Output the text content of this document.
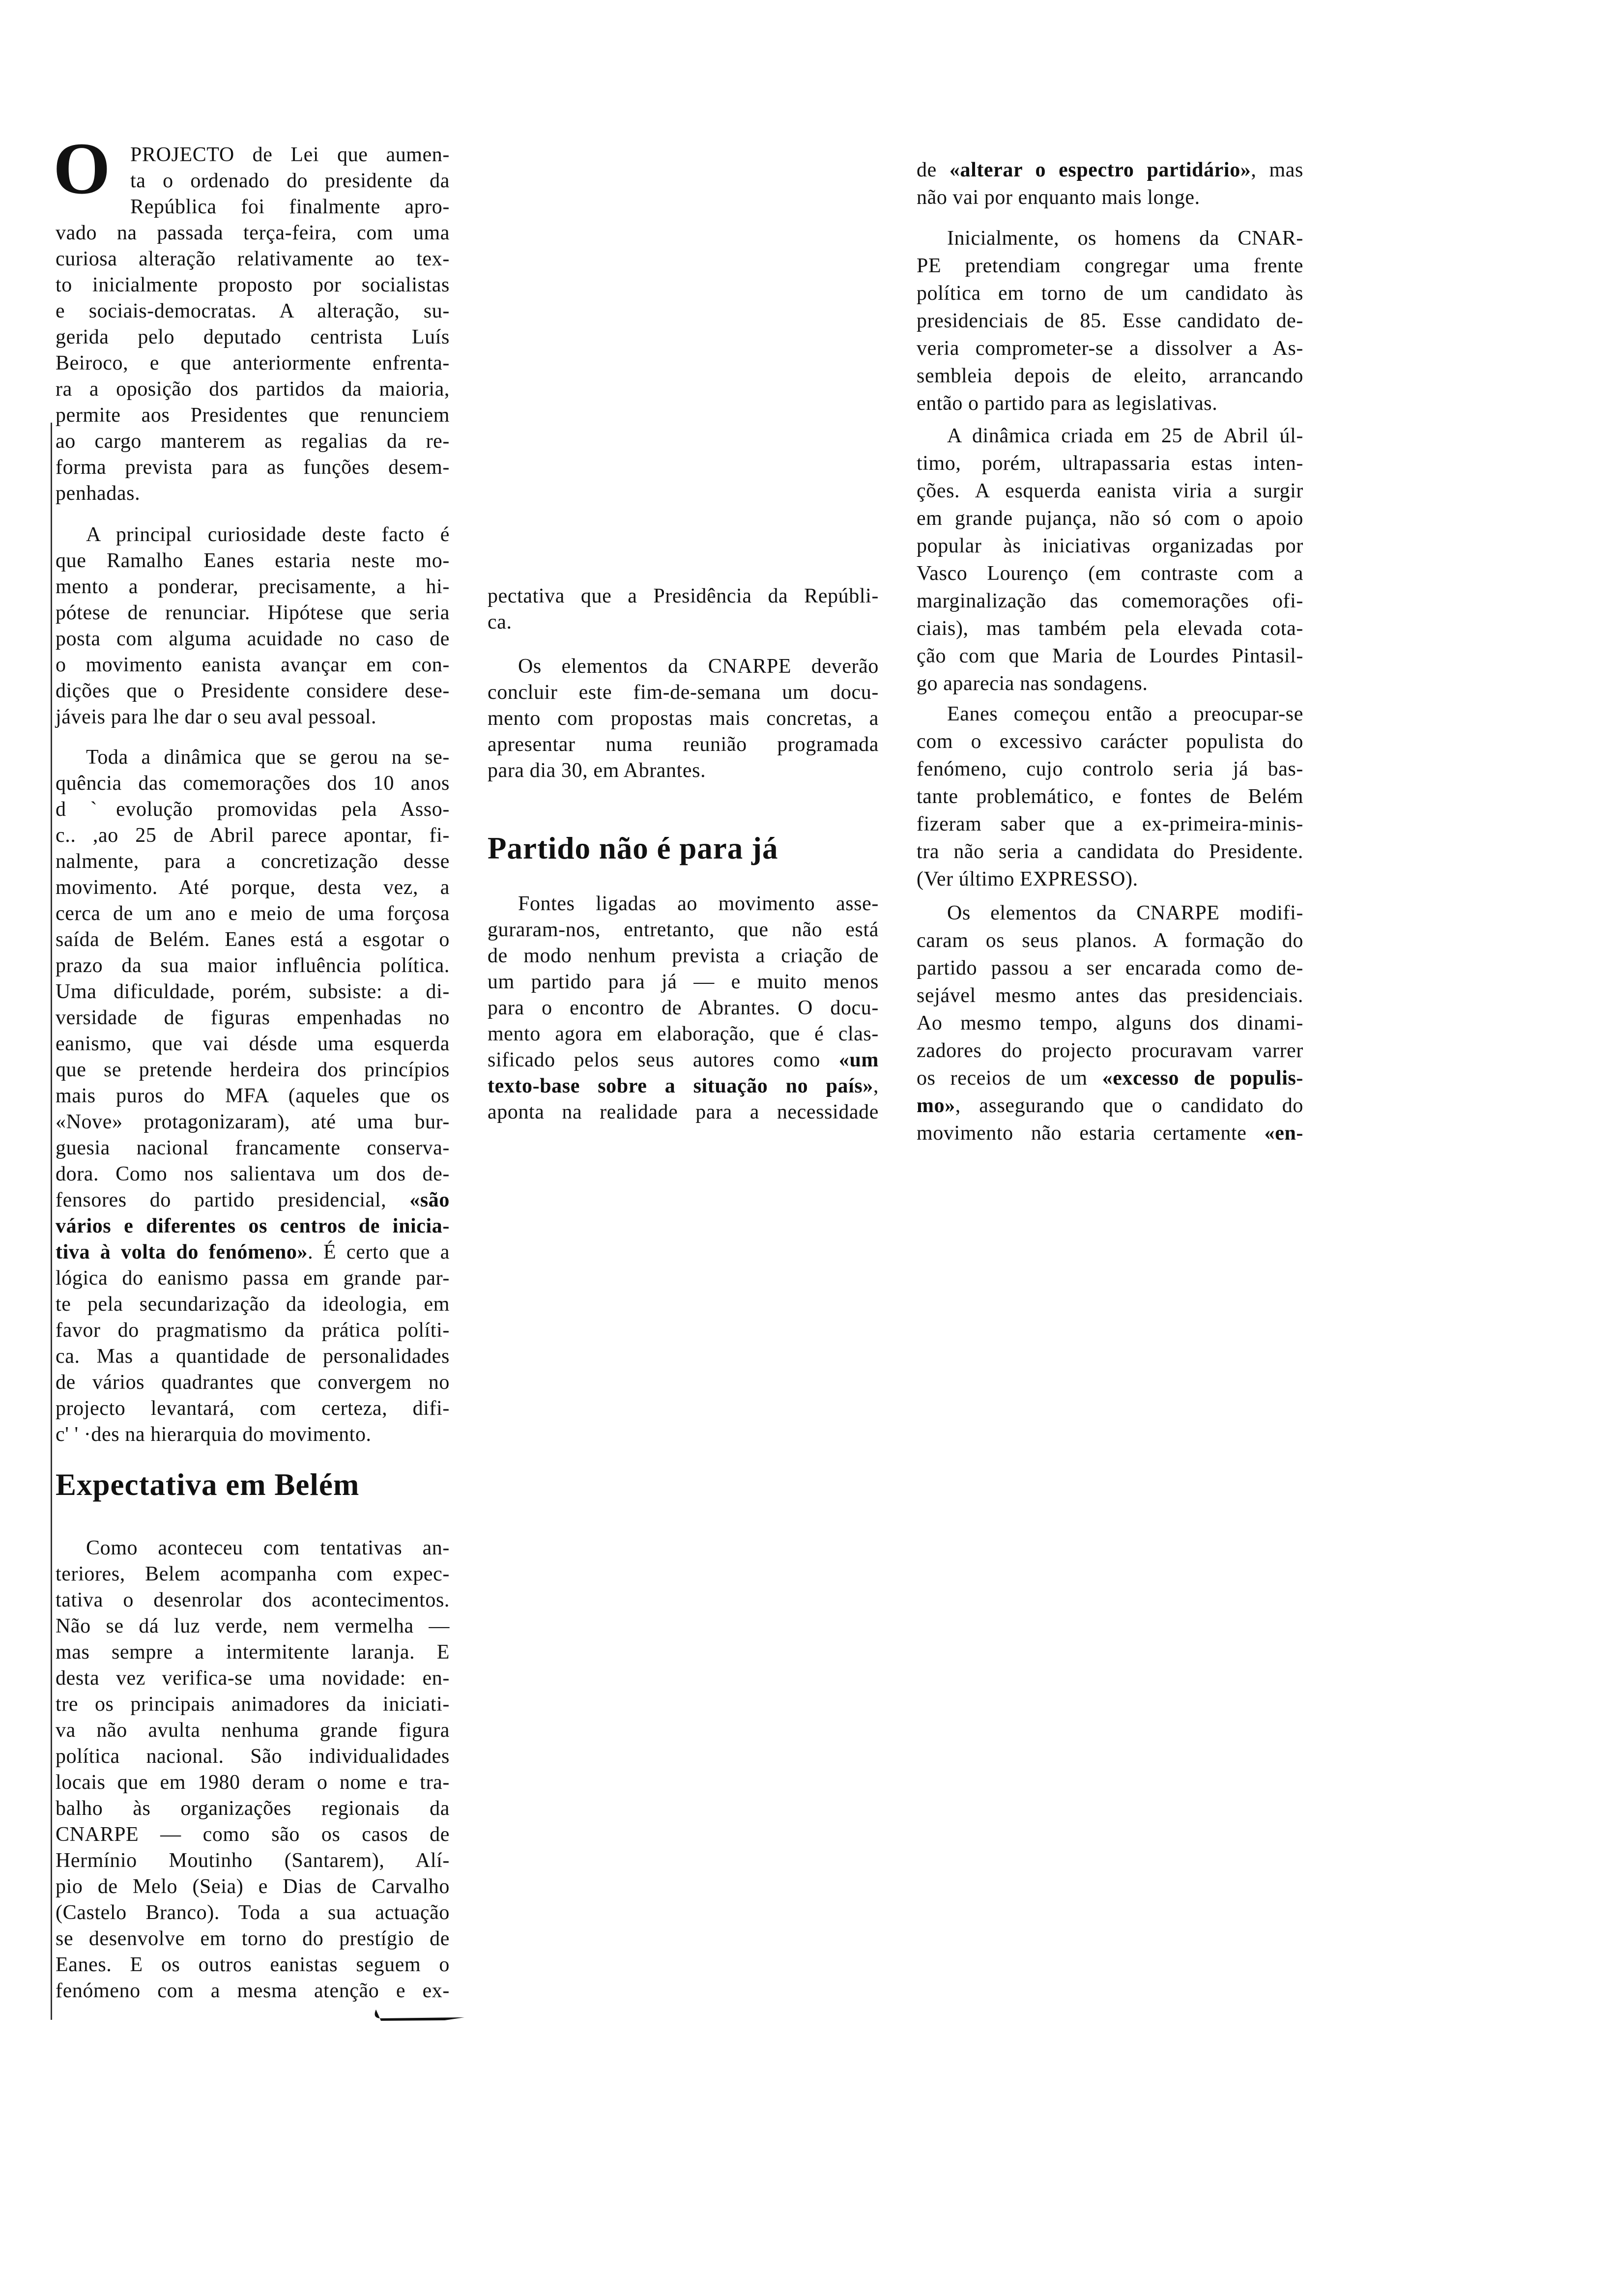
O PROJECTO de Lei que aumen-
ta o ordenado do presidente da
República foi finalmente apro-
vado na passada terça-feira, com uma
curiosa alteração relativamente ao tex-
to inicialmente proposto por socialistas
e sociais-democratas. A alteração, su-
gerida pelo deputado centrista Luís
Beiroco, e que anteriormente enfrenta-
ra a oposição dos partidos da maioria,
permite aos Presidentes que renunciem
ao cargo manterem as regalias da re-
forma prevista para as funções desem-
penhadas.
A principal curiosidade deste facto é
que Ramalho Eanes estaria neste mo-
mento a ponderar, precisamente, a hi-
pótese de renunciar. Hipótese que seria
posta com alguma acuidade no caso de
o movimento eanista avançar em con-
dições que o Presidente considere dese-
jáveis para lhe dar o seu aval pessoal.
Toda a dinâmica que se gerou na se-
quência das comemorações dos 10 anos
d ˋevolução promovidas pela Asso-
c.. ,ao 25 de Abril parece apontar, fi-
nalmente, para a concretização desse
movimento. Até porque, desta vez, a
cerca de um ano e meio de uma forçosa
saída de Belém. Eanes está a esgotar o
prazo da sua maior influência política.
Uma dificuldade, porém, subsiste: a di-
versidade de figuras empenhadas no
eanismo, que vai désde uma esquerda
que se pretende herdeira dos princípios
mais puros do MFA (aqueles que os
«Nove» protagonizaram), até uma bur-
guesia nacional francamente conserva-
dora. Como nos salientava um dos de-
fensores do partido presidencial, «são
vários e diferentes os centros de inicia-
tiva à volta do fenómeno». É certo que a
lógica do eanismo passa em grande par-
te pela secundarização da ideologia, em
favor do pragmatismo da prática políti-
ca. Mas a quantidade de personalidades
de vários quadrantes que convergem no
projecto levantará, com certeza, difi-
c' ' ·des na hierarquia do movimento.
Expectativa em Belém
Como aconteceu com tentativas an-
teriores, Belem acompanha com expec-
tativa o desenrolar dos acontecimentos.
Não se dá luz verde, nem vermelha —
mas sempre a intermitente laranja. E
desta vez verifica-se uma novidade: en-
tre os principais animadores da iniciati-
va não avulta nenhuma grande figura
política nacional. São individualidades
locais que em 1980 deram o nome e tra-
balho às organizações regionais da
CNARPE — como são os casos de
Hermínio Moutinho (Santarem), Alí-
pio de Melo (Seia) e Dias de Carvalho
(Castelo Branco). Toda a sua actuação
se desenvolve em torno do prestígio de
Eanes. E os outros eanistas seguem o
fenómeno com a mesma atenção e ex-
pectativa que a Presidência da Repúbli-
ca.
Os elementos da CNARPE deverão
concluir este fim-de-semana um docu-
mento com propostas mais concretas, a
apresentar numa reunião programada
para dia 30, em Abrantes.
Partido não é para já
Fontes ligadas ao movimento asse-
guraram-nos, entretanto, que não está
de modo nenhum prevista a criação de
um partido para já — e muito menos
para o encontro de Abrantes. O docu-
mento agora em elaboração, que é clas-
sificado pelos seus autores como «um
texto-base sobre a situação no país»,
aponta na realidade para a necessidade
de «alterar o espectro partidário», mas
não vai por enquanto mais longe.
Inicialmente, os homens da CNAR-
PE pretendiam congregar uma frente
política em torno de um candidato às
presidenciais de 85. Esse candidato de-
veria comprometer-se a dissolver a As-
sembleia depois de eleito, arrancando
então o partido para as legislativas.
A dinâmica criada em 25 de Abril úl-
timo, porém, ultrapassaria estas inten-
ções. A esquerda eanista viria a surgir
em grande pujança, não só com o apoio
popular às iniciativas organizadas por
Vasco Lourenço (em contraste com a
marginalização das comemorações ofi-
ciais), mas também pela elevada cota-
ção com que Maria de Lourdes Pintasil-
go aparecia nas sondagens.
Eanes começou então a preocupar-se
com o excessivo carácter populista do
fenómeno, cujo controlo seria já bas-
tante problemático, e fontes de Belém
fizeram saber que a ex-primeira-minis-
tra não seria a candidata do Presidente.
(Ver último EXPRESSO).
Os elementos da CNARPE modifi-
caram os seus planos. A formação do
partido passou a ser encarada como de-
sejável mesmo antes das presidenciais.
Ao mesmo tempo, alguns dos dinami-
zadores do projecto procuravam varrer
os receios de um «excesso de populis-
mo», assegurando que o candidato do
movimento não estaria certamente «en-
